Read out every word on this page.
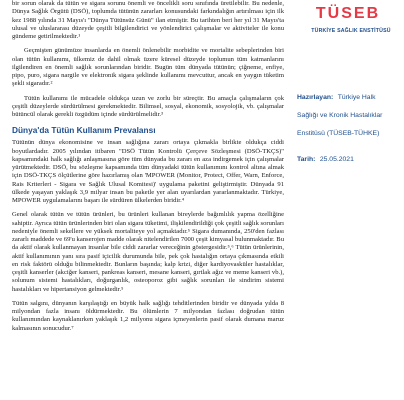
bir sorun olarak da tütün ve sigara sorunu önemli ve öncelikli soru sınıfında üretilebilir. Bu nedenle, Dünya Sağlık Örgütü (DSÖ), toplumda tütünün zararları konusundaki farkındalığın artırılması için ilk kez 1988 yılında 31 Mayıs'ı "Dünya Tütünsüz Günü" ilan etmiştir. Bu tarihten beri her yıl 31 Mayıs'ta ulusal ve uluslararası düzeyde çeşitli bilgilendirici ve yönlendirici çalışmalar ve aktiviteler ile konu gündeme getirilmektedir.¹

Geçmişten günümüze insanlarda en önemli önlenebilir morbidite ve mortalite sebeplerinden biri olan tütün kullanımı, ülkemiz de dahil olmak üzere küresel düzeyde toplumun tüm katmanlarını ilgilendiren en önemli sağlık sorunlarından biridir. Bugün tüm dünyada tütünün; çiğneme, enfiye, pipo, puro, sigara nargile ve elektronik sigara şeklinde kullanımı mevcuttur, ancak en yaygın tüketim şekli sigaradır.²

Tütün kullanımı ile mücadele oldukça uzun ve zorlu bir süreçtir. Bu amaçla çalışmaların çok çeşitli düzeylerde sürdürülmesi gerekmektedir. Bilimsel, sosyal, ekonomik, sosyolojik, vb. çalışmalar bütüncül olarak gerekli özgüdüm içinde sürdürülmelidir.³

Dünya'da Tütün Kullanım Prevalansı

Tütünün dünya ekonomisine ve insan sağlığına zararı ortaya çıkmakla birlikte oldukça ciddi boyutlardadır. 2005 yılından itibaren "DSÖ Tütün Kontrolü Çerçeve Sözleşmesi (DSÖ-TKÇS)" kapsamındaki halk sağlığı anlaşmasına göre tüm dünyada bu zararı en aza indirgemek için çalışmalar yürütmektedir. DSÖ, bu sözleşme kapsamında tüm dünyadaki tütün kullanımını kontrol altına almak için DSÖ-TKÇS ölçütlerine göre hazırlamış olan 'MPOWER (Monitor, Protect, Offer, Warn, Enforce, Rais Kriterleri - Sigara ve Sağlık Ulusal Komitesi)' uygulama paketini geliştirmiştir. Dünyada 91 ülkede yaşayan yaklaşık 3,9 milyar insan bu paketle yer alan uyarılardan yararlanmaktadır. Türkiye, MPOWER uygulamalarını başarı ile sürdüren ülkelerden biridir.⁴

Genel olarak tütün ve tütün ürünleri, bu ürünleri kullanan bireylerde bağımlılık yapma özelliğine sahiptir. Ayrıca tütün ürünlerinden biri olan sigara tüketimi, ilişkilendirildiği çok çeşitli sağlık sorunları nedeniyle önemli sekellere ve yüksek mortaliteye yol açmaktadır.⁵ Sigara dumanında, 250'den fazlası zararlı maddede ve 69'u kanserojen madde olarak nitelendirilen 7000 çeşit kimyasal bulunmaktadır. Bu da aktif olarak kullanmayan insanlar bile ciddi zararlar vereceğinin göstergesidir.⁵,⁶ Tütün ürünlerinin, aktif kullanımının yanı sıra pasif içicilik durumunda bile, pek çok hastalığın ortaya çıkmasında etkili en risk faktörü olduğu bilinmektedir. Bunların başında; kalp krizi, diğer kardiyovasküler hastalıklar, çeşitli kanserler (akciğer kanseri, pankreas kanseri, mesane kanseri, gırtlak ağız ve meme kanseri vb.), solunum sistemi hastalıkları, doğurganlık, osteoporoz gibi sağlık sorunları ile sindirim sistemi hastalıkları ve hipertansiyon gelmektedir.⁵

Tütün salgını, dünyanın karşılaştığı en büyük halk sağlığı tehditlerinden biridir ve dünyada yılda 8 milyondan fazla insanı öldürmektedir. Bu ölümlerin 7 milyondan fazlası doğrudan tütün kullanımından kaynaklanırken yaklaşık 1,2 milyonu sigara içmeyenlerin pasif olarak dumana maruz kalmasının sonucudur.⁷

TÜSEB
TÜRKİYE SAĞLIK ENSTİTÜSÜ
Hazırlayan: Türkiye Halk Sağlığı ve Kronik Hastalıklar Enstitüsü (TÜSEB-TÜHKE)
Tarih: 25.05.2021
